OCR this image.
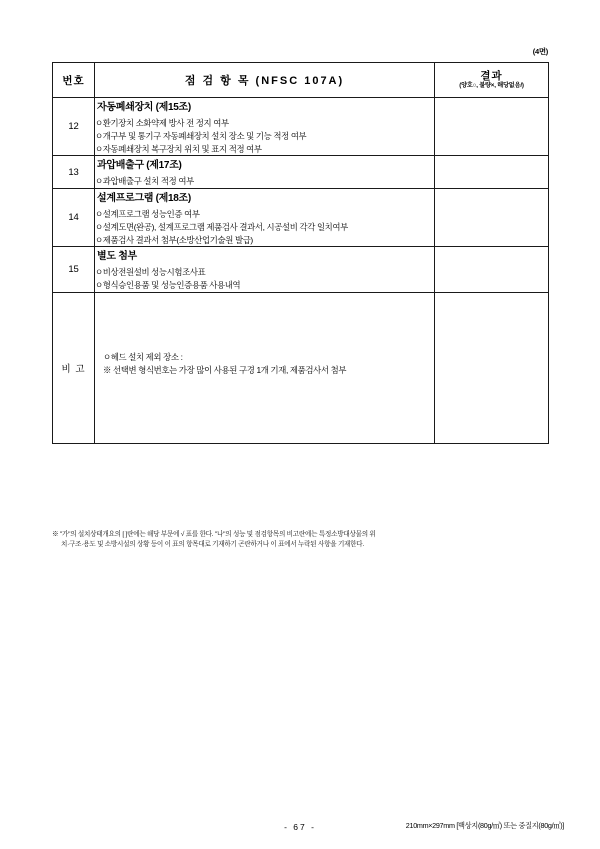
(4면)
번호	점 검 항 목 (NFSC 107A)	결과
(양호○, 불량×, 해당없음/)

12	자동폐쇄장치 (제15조)
ㅇ환기장치 소화약제 방사 전 정지 여부
ㅇ개구부 및 통기구 자동폐쇄장치 설치 장소 및 기능 적정 여부
ㅇ자동폐쇄장치 복구장치 위치 및 표지 적정 여부	

13	과압배출구 (제17조)
ㅇ과압배출구 설치 적정 여부	

14	설계프로그램 (제18조)
ㅇ설계프로그램 성능인증 여부
ㅇ설계도면(완공), 설계프로그램 제품검사 결과서, 시공설비 각각 일치여부
ㅇ제품검사 결과서 첨부(소방산업기술원 발급)	

15	별도 첨부
ㅇ비상전원설비 성능시험조사표
ㅇ형식승인용품 및 성능인증용품 사용내역	

비 고	ㅇ헤드 설치 제외 장소 :
※ 선택변 형식번호는 가장 많이 사용된 구경 1개 기재, 제품검사서 첨부	

※ "가"의 설치상태개요의 [ ]란에는 해당 부문에 √ 표를 한다. "나"의 성능 및 점검항목의 비고란에는 특정소방대상물의 위
치·구조·용도 및 소방시설의 상황 등이 이 표의 항목대로 기재하기 곤란하거나 이 표에서 누락된 사항을 기재한다.
- 67 -	210mm×297mm [백상지(80g/㎡) 또는 중질지(80g/㎡)]
